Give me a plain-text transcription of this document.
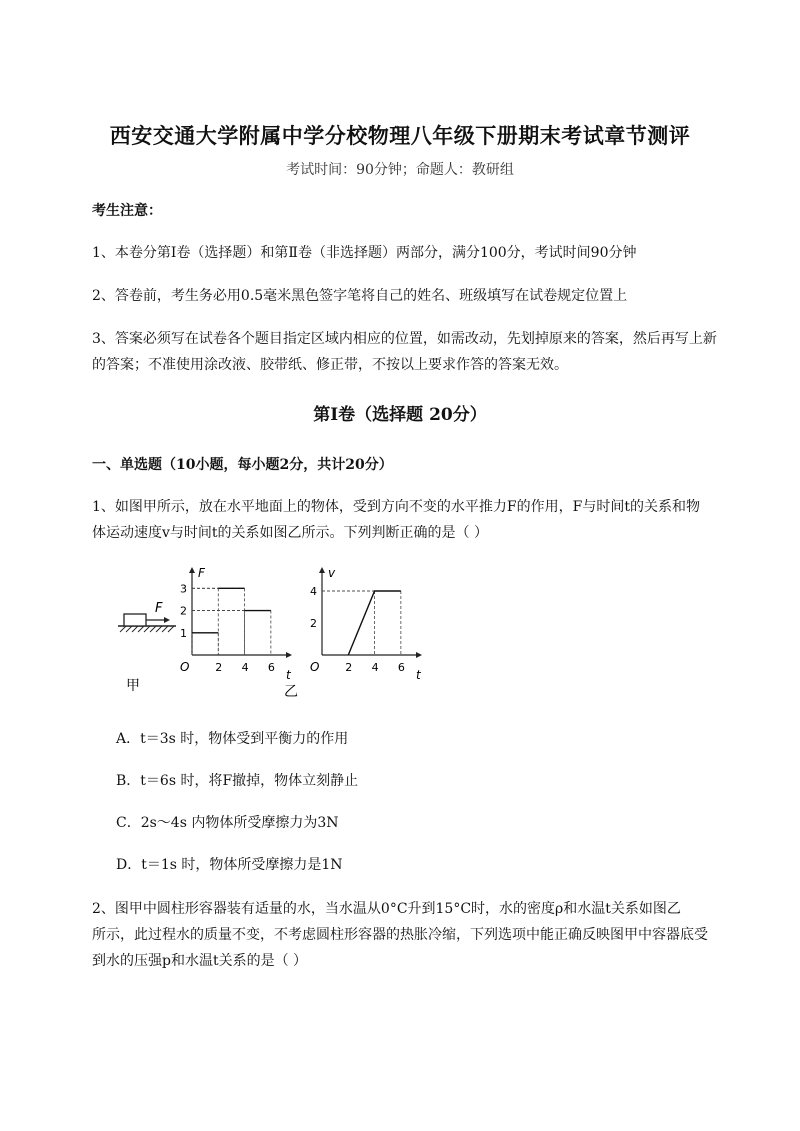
西安交通大学附属中学分校物理八年级下册期末考试章节测评
考试时间：90分钟；命题人：教研组
考生注意：
1、本卷分第Ⅰ卷（选择题）和第Ⅱ卷（非选择题）两部分，满分100分，考试时间90分钟
2、答卷前，考生务必用0.5毫米黑色签字笔将自己的姓名、班级填写在试卷规定位置上
3、答案必须写在试卷各个题目指定区域内相应的位置，如需改动，先划掉原来的答案，然后再写上新
的答案；不准使用涂改液、胶带纸、修正带，不按以上要求作答的答案无效。
第Ⅰ卷（选择题 20分）
一、单选题（10小题，每小题2分，共计20分）
1、如图甲所示，放在水平地面上的物体，受到方向不变的水平推力F的作用，F与时间t的关系和物
体运动速度v与时间t的关系如图乙所示。下列判断正确的是（ ）
F
甲
t
F
O 2 4 6
1
2
3
t
v
O 2 4 6
2
4
乙
A．t＝3s 时，物体受到平衡力的作用
B．t＝6s 时，将F撤掉，物体立刻静止
C．2s～4s 内物体所受摩擦力为3N
D．t＝1s 时，物体所受摩擦力是1N
2、图甲中圆柱形容器装有适量的水，当水温从0°C升到15°C时，水的密度ρ和水温t关系如图乙
所示，此过程水的质量不变，不考虑圆柱形容器的热胀冷缩，下列选项中能正确反映图甲中容器底受
到水的压强p和水温t关系的是（ ）
